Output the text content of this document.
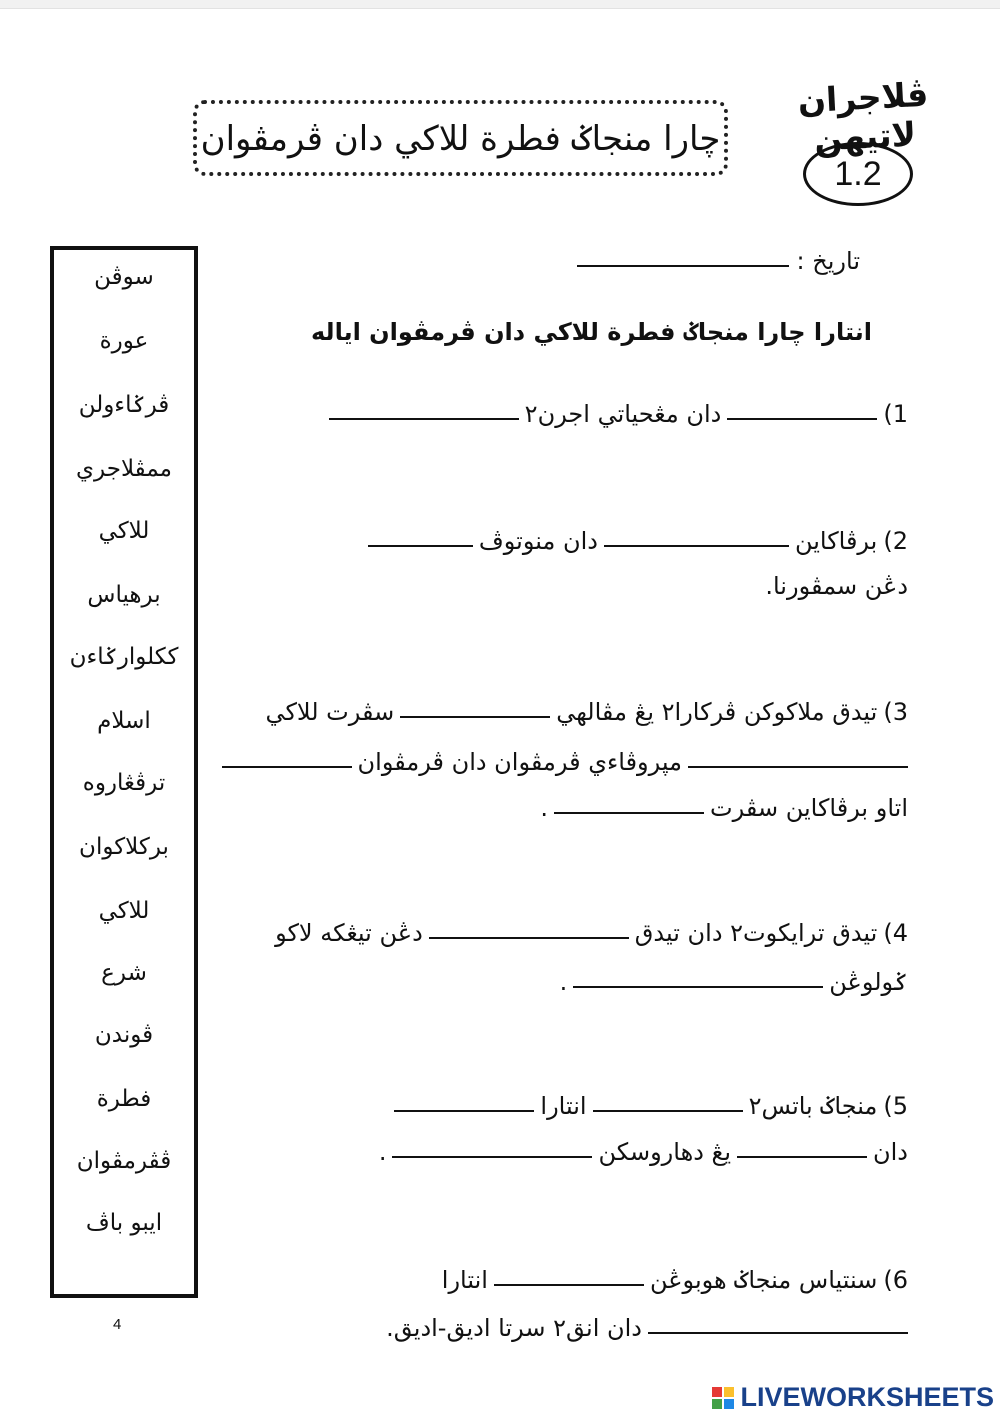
چارا منجاݢ فطرة للاکي دان ڤرمڤوان
ڤلاجران لاتيهن
1.2
سوڤن
عورة
ڤرݢاءولن
ممڤلاجري
للاکي
برهياس
ککلوارݢاءن
اسلام
ترڤڠاروه
برکلاکوان
للاکي
شرع
ڤوندن
فطرة
ڤڤرمڤوان
ايبو باڤ
تاريخ :
انتارا چارا منجاݢ فطرة للاکي دان ڤرمڤوان اياله
1)
دان مڠحياتي اجرن٢
2)
برڤاکاين
دان منوتوڤ
دڠن سمڤورنا.
3)
تيدق ملاکوکن ڤرکارا٢ يڠ مڤالهي
سڤرت للاکي
مپروڤاءي ڤرمڤوان دان ڤرمڤوان
اتاو برڤاکاين سڤرت
.
4)
تيدق ترايکوت٢ دان تيدق
دڠن تيڠکه لاکو
ݢولوڠن
.
5)
منجاݢ باتس٢
انتارا
دان
يڠ دهاروسکن
.
6)
سنتياس منجاݢ هوبوڠن
انتارا
دان انق٢ سرتا اديق-اديق.
4
LIVEWORKSHEETS
